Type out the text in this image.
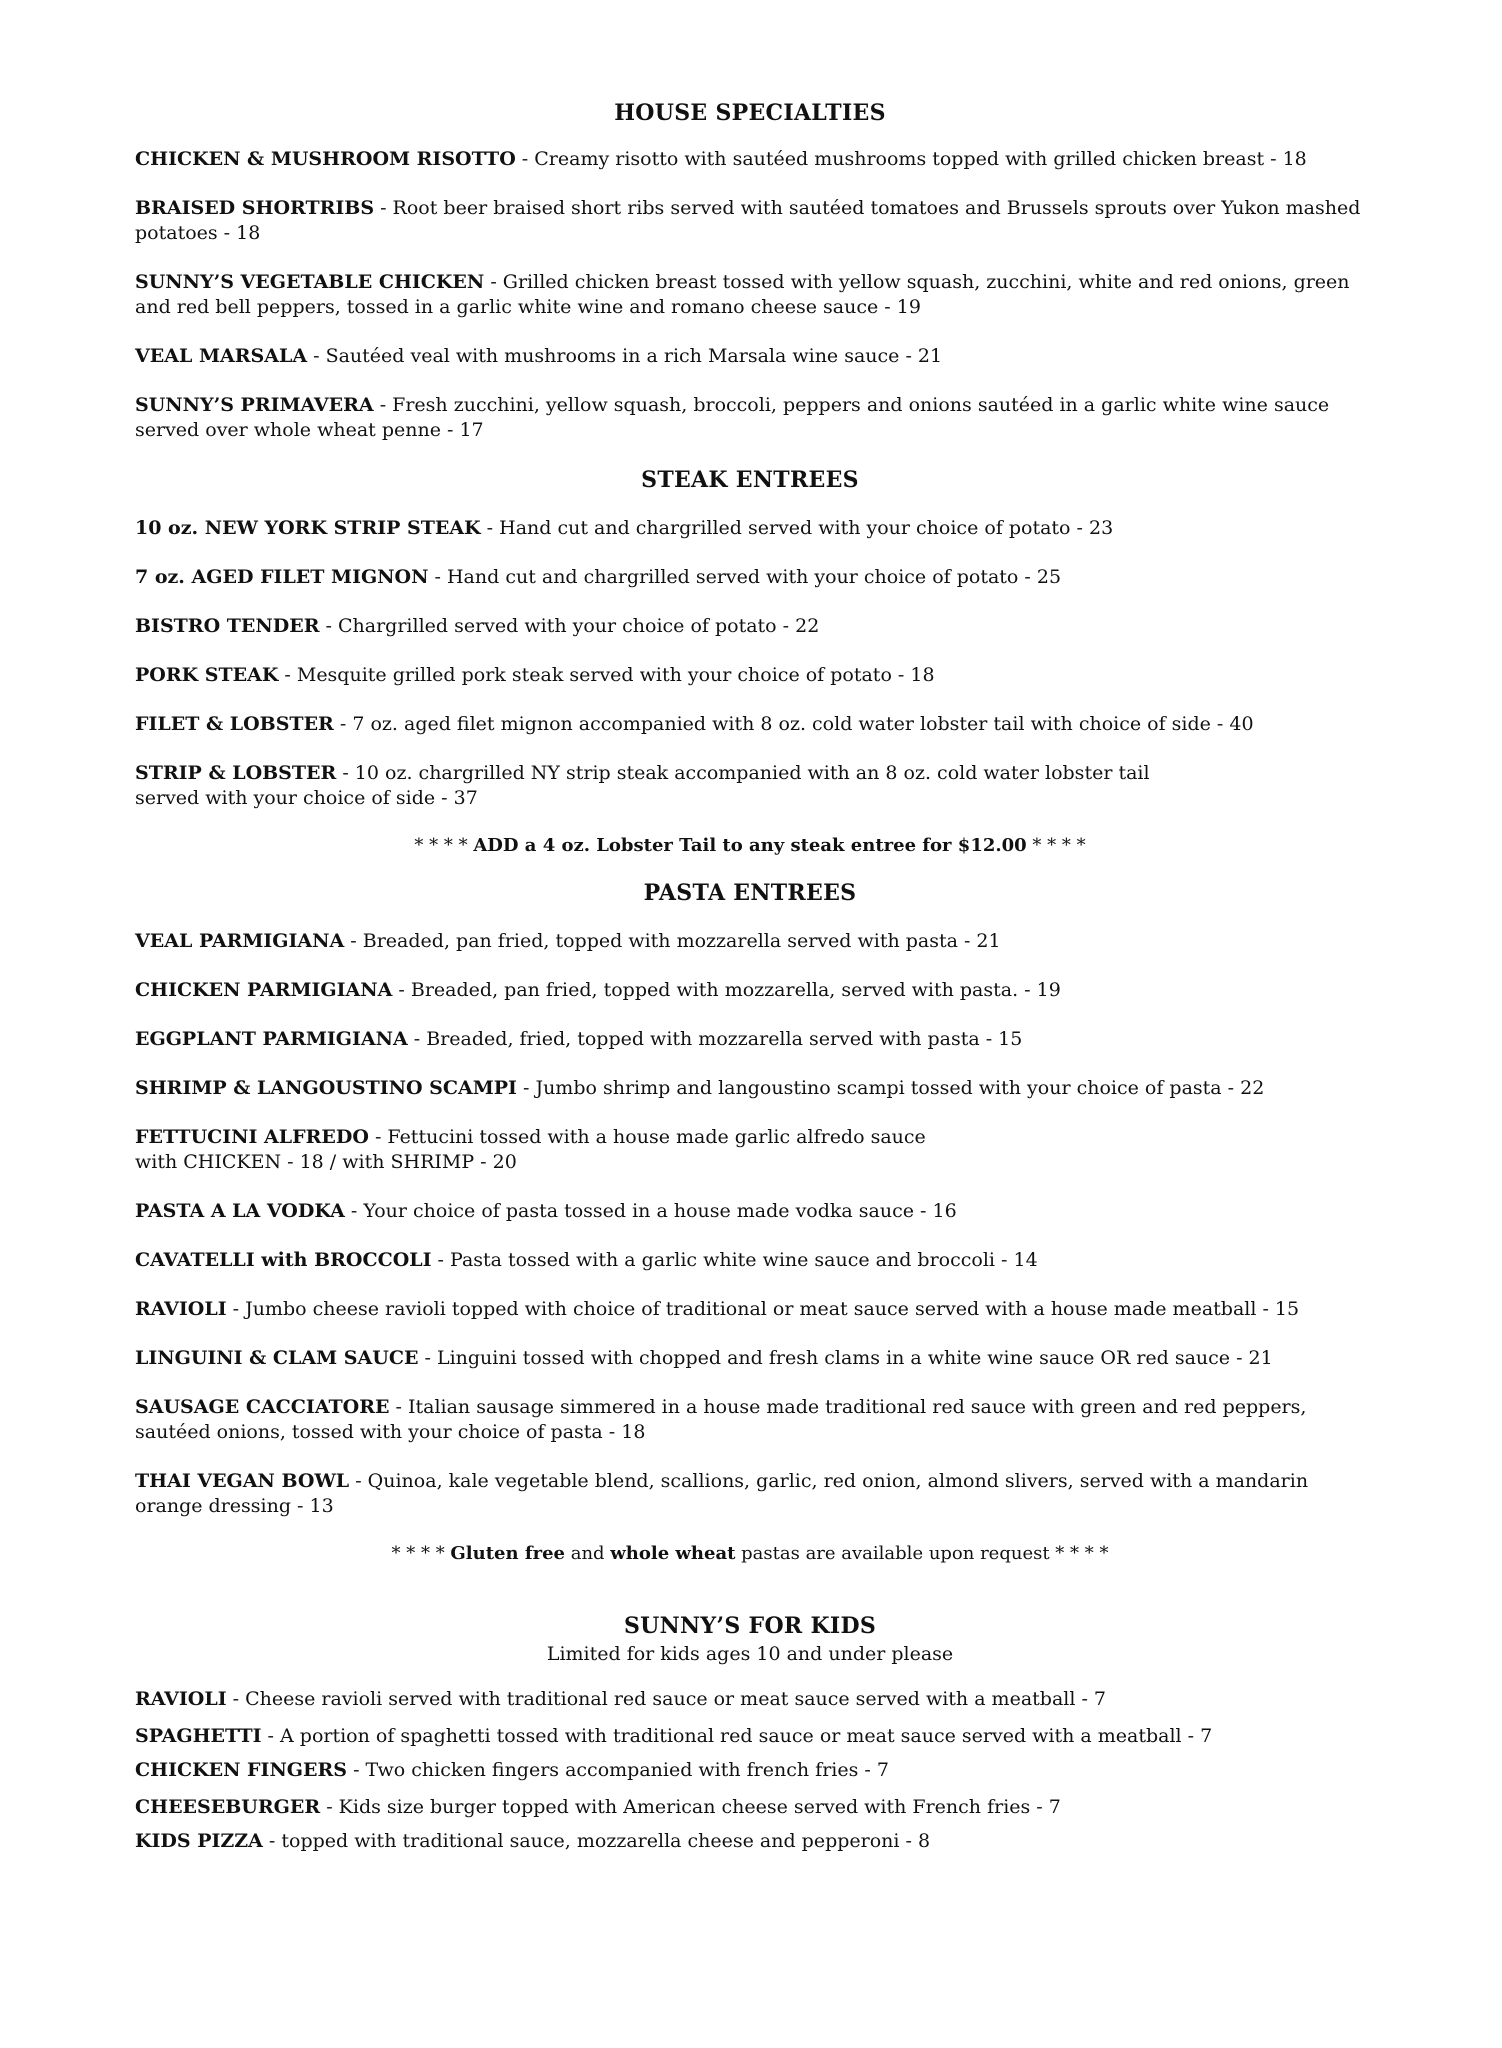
HOUSE SPECIALTIES

CHICKEN & MUSHROOM RISOTTO - Creamy risotto with sautéed mushrooms topped with grilled chicken breast - 18

BRAISED SHORTRIBS - Root beer braised short ribs served with sautéed tomatoes and Brussels sprouts over Yukon mashed potatoes - 18

SUNNY’S VEGETABLE CHICKEN - Grilled chicken breast tossed with yellow squash, zucchini, white and red onions, green and red bell peppers, tossed in a garlic white wine and romano cheese sauce - 19

VEAL MARSALA - Sautéed veal with mushrooms in a rich Marsala wine sauce - 21

SUNNY’S PRIMAVERA - Fresh zucchini, yellow squash, broccoli, peppers and onions sautéed in a garlic white wine sauce served over whole wheat penne - 17

STEAK ENTREES

10 oz. NEW YORK STRIP STEAK - Hand cut and chargrilled served with your choice of potato - 23

7 oz. AGED FILET MIGNON - Hand cut and chargrilled served with your choice of potato - 25

BISTRO TENDER - Chargrilled served with your choice of potato - 22

PORK STEAK - Mesquite grilled pork steak served with your choice of potato - 18

FILET & LOBSTER - 7 oz. aged filet mignon accompanied with 8 oz. cold water lobster tail with choice of side - 40

STRIP & LOBSTER - 10 oz. chargrilled NY strip steak accompanied with an 8 oz. cold water lobster tail
served with your choice of side - 37

* * * * ADD a 4 oz. Lobster Tail to any steak entree for $12.00 * * * *

PASTA ENTREES

VEAL PARMIGIANA - Breaded, pan fried, topped with mozzarella served with pasta - 21

CHICKEN PARMIGIANA - Breaded, pan fried, topped with mozzarella, served with pasta. - 19

EGGPLANT PARMIGIANA - Breaded, fried, topped with mozzarella served with pasta - 15

SHRIMP & LANGOUSTINO SCAMPI - Jumbo shrimp and langoustino scampi tossed with your choice of pasta - 22

FETTUCINI ALFREDO - Fettucini tossed with a house made garlic alfredo sauce
with CHICKEN - 18 / with SHRIMP - 20

PASTA A LA VODKA - Your choice of pasta tossed in a house made vodka sauce - 16

CAVATELLI with BROCCOLI - Pasta tossed with a garlic white wine sauce and broccoli - 14

RAVIOLI - Jumbo cheese ravioli topped with choice of traditional or meat sauce served with a house made meatball - 15

LINGUINI & CLAM SAUCE - Linguini tossed with chopped and fresh clams in a white wine sauce OR red sauce - 21

SAUSAGE CACCIATORE - Italian sausage simmered in a house made traditional red sauce with green and red peppers, sautéed onions, tossed with your choice of pasta - 18

THAI VEGAN BOWL - Quinoa, kale vegetable blend, scallions, garlic, red onion, almond slivers, served with a mandarin orange dressing - 13

* * * * Gluten free and whole wheat pastas are available upon request * * * *

SUNNY’S FOR KIDS

Limited for kids ages 10 and under please

RAVIOLI - Cheese ravioli served with traditional red sauce or meat sauce served with a meatball - 7

SPAGHETTI - A portion of spaghetti tossed with traditional red sauce or meat sauce served with a meatball - 7

CHICKEN FINGERS - Two chicken fingers accompanied with french fries - 7

CHEESEBURGER - Kids size burger topped with American cheese served with French fries - 7

KIDS PIZZA - topped with traditional sauce, mozzarella cheese and pepperoni - 8
